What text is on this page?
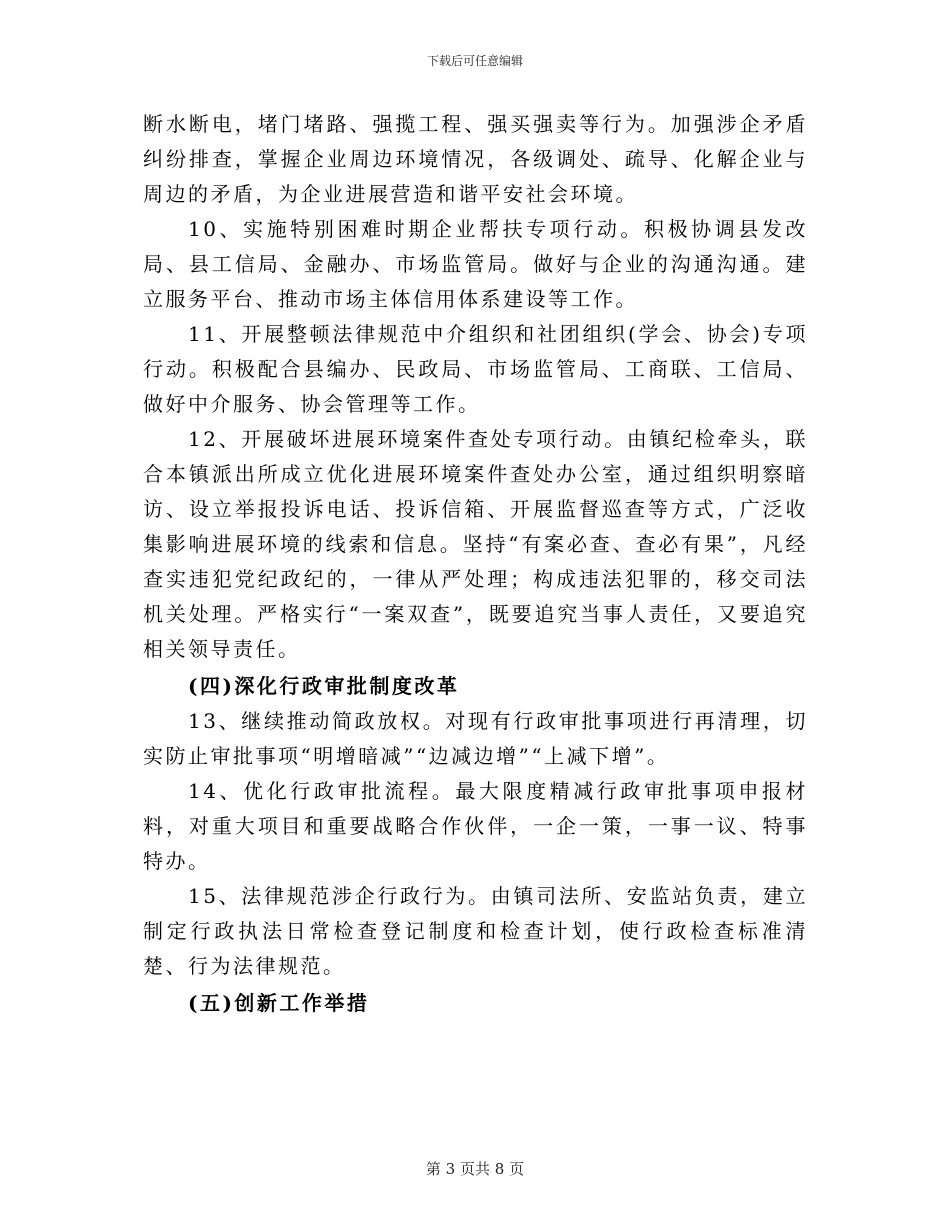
下载后可任意编辑

断水断电，堵门堵路、强揽工程、强买强卖等行为。加强涉企矛盾纠纷排查，掌握企业周边环境情况，各级调处、疏导、化解企业与周边的矛盾，为企业进展营造和谐平安社会环境。

10、实施特别困难时期企业帮扶专项行动。积极协调县发改局、县工信局、金融办、市场监管局。做好与企业的沟通沟通。建立服务平台、推动市场主体信用体系建设等工作。

11、开展整顿法律规范中介组织和社团组织(学会、协会)专项行动。积极配合县编办、民政局、市场监管局、工商联、工信局、做好中介服务、协会管理等工作。

12、开展破坏进展环境案件查处专项行动。由镇纪检牵头，联合本镇派出所成立优化进展环境案件查处办公室，通过组织明察暗访、设立举报投诉电话、投诉信箱、开展监督巡查等方式，广泛收集影响进展环境的线索和信息。坚持“有案必查、查必有果”，凡经查实违犯党纪政纪的，一律从严处理；构成违法犯罪的，移交司法机关处理。严格实行“一案双查”，既要追究当事人责任，又要追究相关领导责任。

(四)深化行政审批制度改革

13、继续推动简政放权。对现有行政审批事项进行再清理，切实防止审批事项“明增暗减”“边减边增”“上减下增”。

14、优化行政审批流程。最大限度精减行政审批事项申报材料，对重大项目和重要战略合作伙伴，一企一策，一事一议、特事特办。

15、法律规范涉企行政行为。由镇司法所、安监站负责，建立制定行政执法日常检查登记制度和检查计划，使行政检查标准清楚、行为法律规范。

(五)创新工作举措

第 3 页共 8 页
